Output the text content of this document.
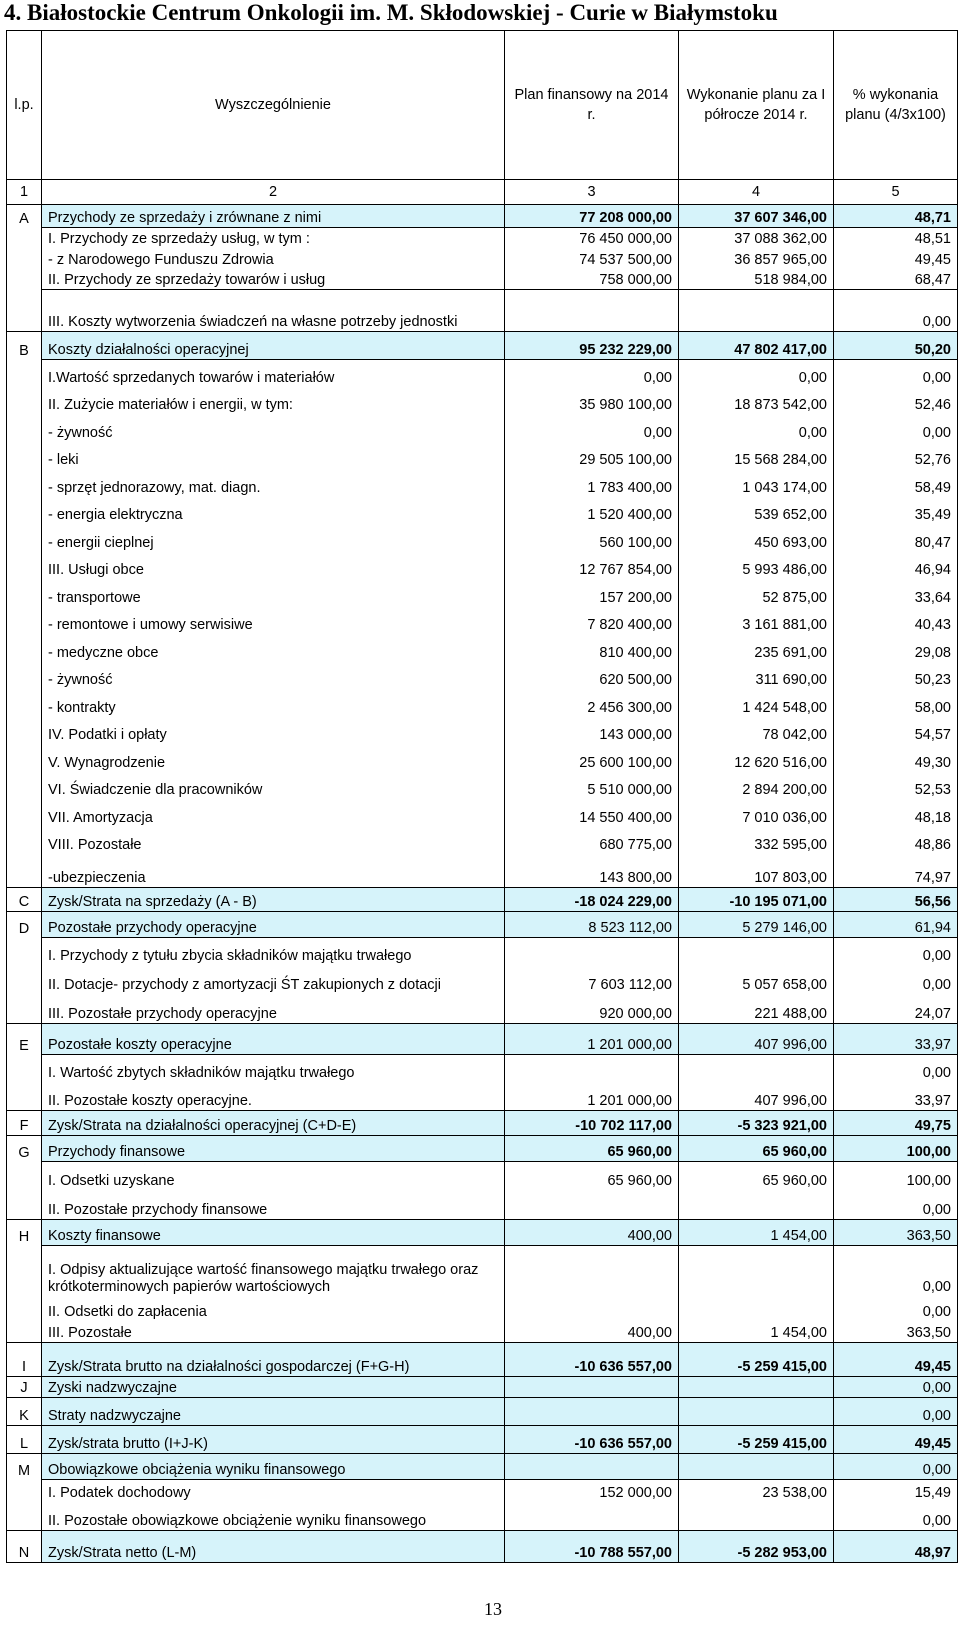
4. Białostockie Centrum Onkologii im. M. Skłodowskiej - Curie w Białymstoku
l.p.	Wyszczególnienie	Plan finansowy na 2014 r.	Wykonanie planu za I półrocze 2014 r.	% wykonania planu (4/3x100)
1	2	3	4	5
A	Przychody ze sprzedaży i zrównane z nimi	77 208 000,00	37 607 346,00	48,71
	I. Przychody ze sprzedaży usług, w tym :	76 450 000,00	37 088 362,00	48,51
	- z Narodowego Funduszu Zdrowia	74 537 500,00	36 857 965,00	49,45
	II. Przychody ze sprzedaży towarów i usług	758 000,00	518 984,00	68,47
	III. Koszty wytworzenia świadczeń na własne potrzeby jednostki			0,00
B	Koszty działalności operacyjnej	95 232 229,00	47 802 417,00	50,20
	I.Wartość sprzedanych towarów i materiałów	0,00	0,00	0,00
	II. Zużycie materiałów i energii, w tym:	35 980 100,00	18 873 542,00	52,46
	- żywność	0,00	0,00	0,00
	- leki	29 505 100,00	15 568 284,00	52,76
	- sprzęt jednorazowy, mat. diagn.	1 783 400,00	1 043 174,00	58,49
	- energia elektryczna	1 520 400,00	539 652,00	35,49
	- energii cieplnej	560 100,00	450 693,00	80,47
	III. Usługi obce	12 767 854,00	5 993 486,00	46,94
	- transportowe	157 200,00	52 875,00	33,64
	- remontowe i umowy serwisiwe	7 820 400,00	3 161 881,00	40,43
	- medyczne obce	810 400,00	235 691,00	29,08
	- żywność	620 500,00	311 690,00	50,23
	- kontrakty	2 456 300,00	1 424 548,00	58,00
	IV. Podatki i opłaty	143 000,00	78 042,00	54,57
	V. Wynagrodzenie	25 600 100,00	12 620 516,00	49,30
	VI. Świadczenie dla pracowników	5 510 000,00	2 894 200,00	52,53
	VII. Amortyzacja	14 550 400,00	7 010 036,00	48,18
	VIII. Pozostałe	680 775,00	332 595,00	48,86
	-ubezpieczenia	143 800,00	107 803,00	74,97
C	Zysk/Strata na sprzedaży (A - B)	-18 024 229,00	-10 195 071,00	56,56
D	Pozostałe przychody operacyjne	8 523 112,00	5 279 146,00	61,94
	I. Przychody z tytułu zbycia składników majątku trwałego			0,00
	II. Dotacje- przychody z amortyzacji ŚT zakupionych z dotacji	7 603 112,00	5 057 658,00	0,00
	III. Pozostałe przychody operacyjne	920 000,00	221 488,00	24,07
E	Pozostałe koszty operacyjne	1 201 000,00	407 996,00	33,97
	I. Wartość zbytych składników majątku trwałego			0,00
	II. Pozostałe koszty operacyjne.	1 201 000,00	407 996,00	33,97
F	Zysk/Strata na działalności operacyjnej (C+D-E)	-10 702 117,00	-5 323 921,00	49,75
G	Przychody finansowe	65 960,00	65 960,00	100,00
	I. Odsetki uzyskane	65 960,00	65 960,00	100,00
	II. Pozostałe przychody finansowe			0,00
H	Koszty finansowe	400,00	1 454,00	363,50
	I. Odpisy aktualizujące wartość finansowego majątku trwałego oraz krótkoterminowych papierów wartościowych			0,00
	II. Odsetki do zapłacenia			0,00
	III. Pozostałe	400,00	1 454,00	363,50
I	Zysk/Strata brutto na działalności gospodarczej (F+G-H)	-10 636 557,00	-5 259 415,00	49,45
J	Zyski nadzwyczajne			0,00
K	Straty nadzwyczajne			0,00
L	Zysk/strata brutto (I+J-K)	-10 636 557,00	-5 259 415,00	49,45
M	Obowiązkowe obciążenia wyniku finansowego			0,00
	I. Podatek dochodowy	152 000,00	23 538,00	15,49
	II. Pozostałe obowiązkowe obciążenie wyniku finansowego			0,00
N	Zysk/Strata netto (L-M)	-10 788 557,00	-5 282 953,00	48,97
13
